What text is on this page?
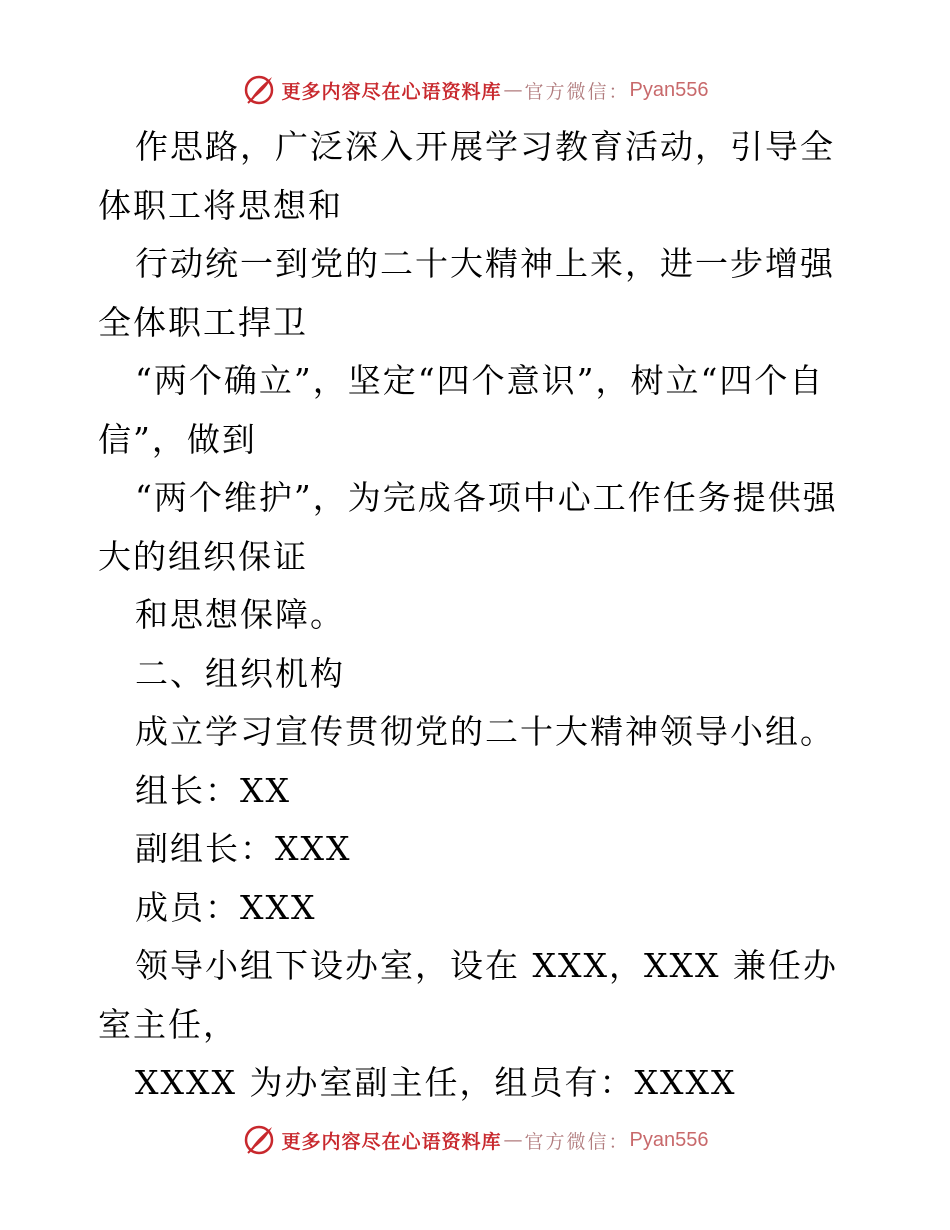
更多内容尽在心语资料库 — 官方微信： Pyan556

作思路，广泛深入开展学习教育活动，引导全体职工将思想和

行动统一到党的二十大精神上来，进一步增强全体职工捍卫

“两个确立”，坚定“四个意识”，树立“四个自信”，做到

“两个维护”，为完成各项中心工作任务提供强大的组织保证

和思想保障。

二、组织机构

成立学习宣传贯彻党的二十大精神领导小组。

组长：XX

副组长：XXX

成员：XXX

领导小组下设办室，设在 XXX，XXX 兼任办室主任，

XXXX 为办室副主任，组员有：XXXX

更多内容尽在心语资料库 — 官方微信： Pyan556
